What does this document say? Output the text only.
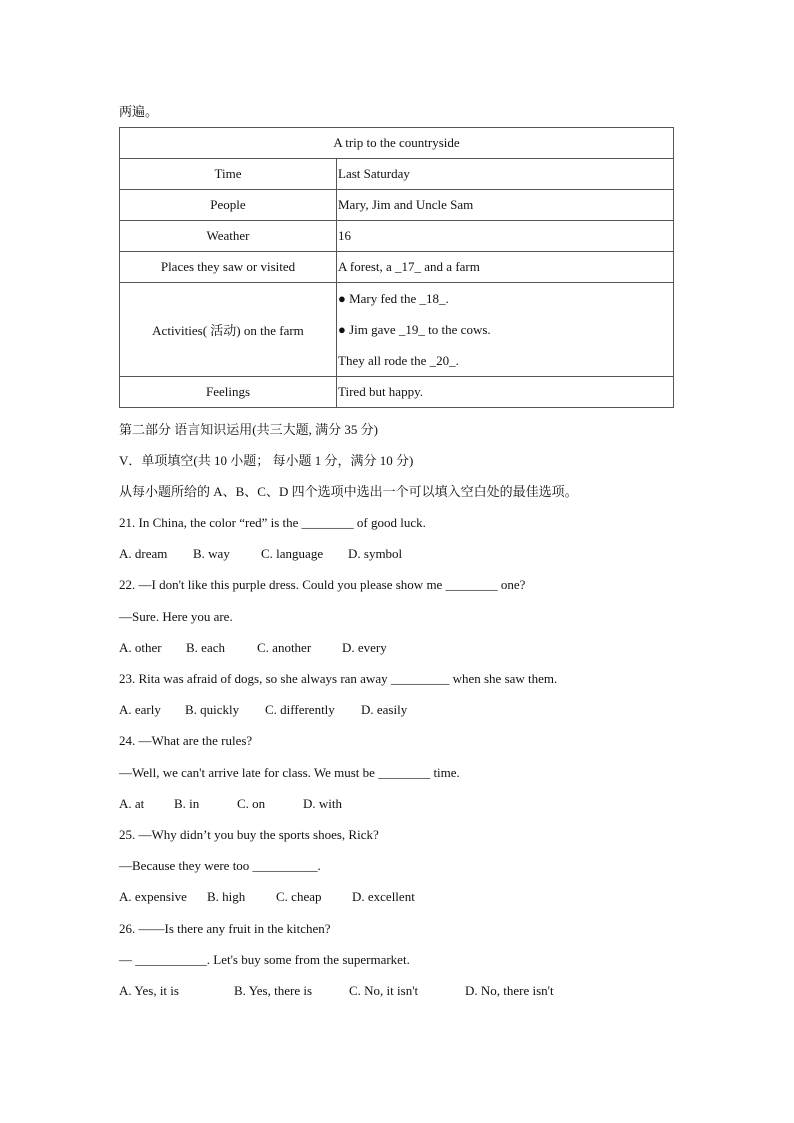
两遍。
A trip to the countryside	
Time	Last Saturday
People	Mary, Jim and Uncle Sam
Weather	16
Places they saw or visited	A forest, a _17_ and a farm
Activities( 活动) on the farm	● Mary fed the _18_.
● Jim gave _19_ to the cows.
They all rode the _20_.

Feelings	Tired but happy.
第二部分 语言知识运用(共三大题, 满分 35 分)
V．单项填空(共 10 小题； 每小题 1 分，满分 10 分)
从每小题所给的 A、B、C、D 四个选项中选出一个可以填入空白处的最佳选项。
21. In China, the color “red” is the ________ of good luck.
A. dream B. way C. language D. symbol
22. —I don't like this purple dress. Could you please show me ________ one?
—Sure. Here you are.
A. other B. each C. another D. every
23. Rita was afraid of dogs, so she always ran away _________ when she saw them.
A. early B. quickly C. differently D. easily
24. —What are the rules?
—Well, we can't arrive late for class. We must be ________ time.
A. at B. in	C. on	D. with
25. —Why didn’t you buy the sports shoes, Rick?
—Because they were too __________.
A. expensive B. high C. cheap D. excellent
26. ——Is there any fruit in the kitchen?
— ___________. Let's buy some from the supermarket.
A. Yes, it is	B. Yes, there is	C. No, it isn't	D. No, there isn't
